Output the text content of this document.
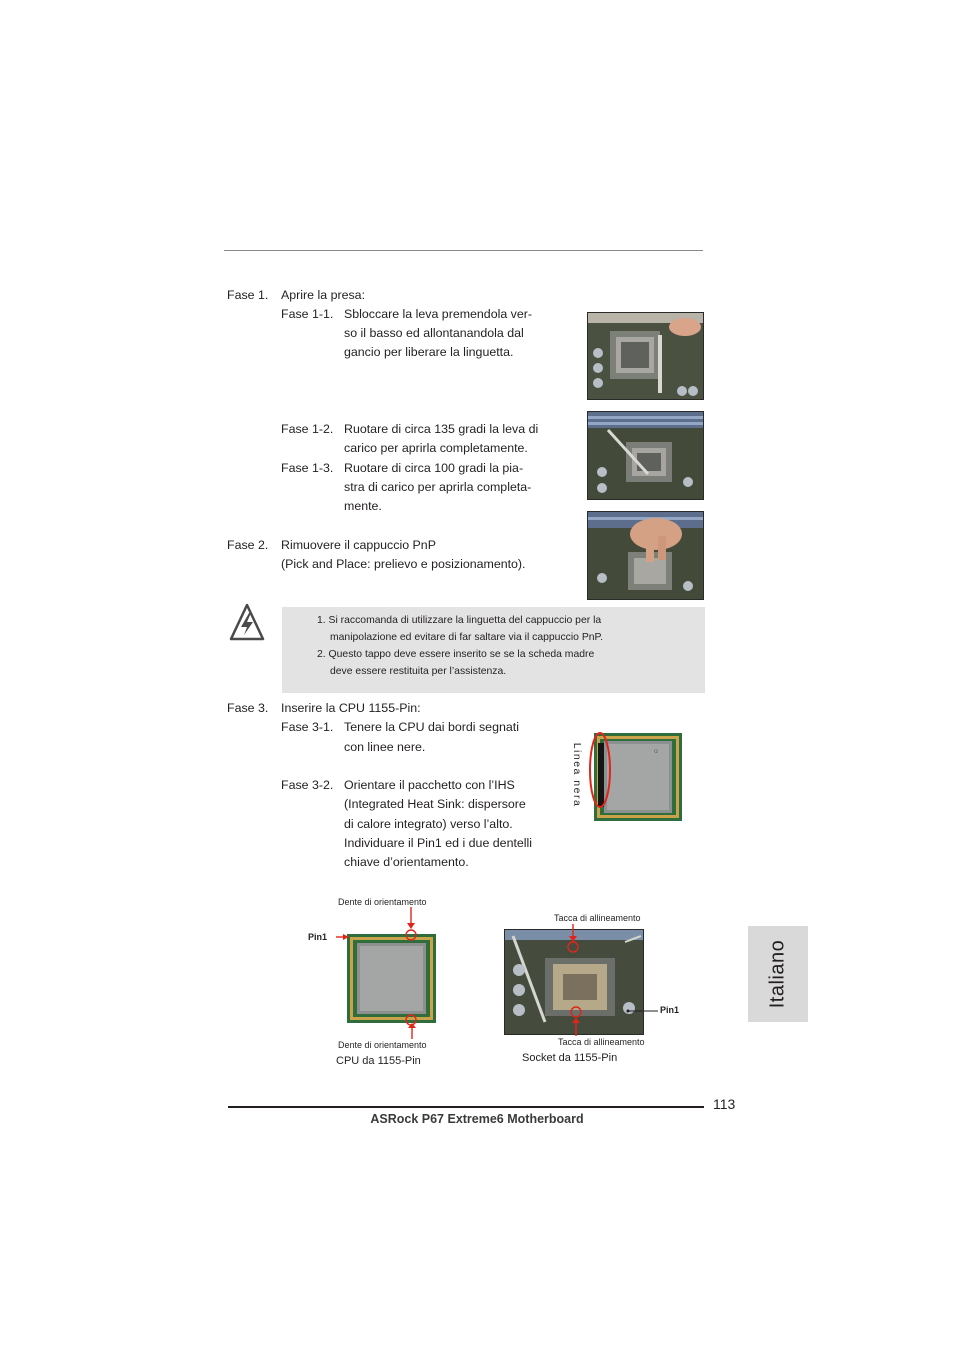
Fase 1. Aprire la presa:
Fase 1-1. Sbloccare la leva premendola ver-
so il basso ed allontanandola dal
gancio per liberare la linguetta.
Fase 1-2. Ruotare di circa 135 gradi la leva di
carico per aprirla completamente.
Fase 1-3. Ruotare di circa 100 gradi la pia-
stra di carico per aprirla completa-
mente.
Fase 2. Rimuovere il cappuccio PnP
(Pick and Place: prelievo e posizionamento).
1. Si raccomanda di utilizzare la linguetta del cappuccio per la
manipolazione ed evitare di far saltare via il cappuccio PnP.
2. Questo tappo deve essere inserito se se la scheda madre
deve essere restituita per l’assistenza.
Fase 3. Inserire la CPU 1155-Pin:
Fase 3-1. Tenere la CPU dai bordi segnati
con linee nere.
Fase 3-2. Orientare il pacchetto con l’IHS
(Integrated Heat Sink: dispersore
di calore integrato) verso l’alto.
Individuare il Pin1 ed i due dentelli
chiave d’orientamento.
Linea nera	ɑ
Dente di orientamento
Pin1
Dente di orientamento
CPU da 1155-Pin
Tacca di allineamento
Pin1
Tacca di allineamento
Socket da 1155-Pin
Italiano
113
ASRock P67 Extreme6 Motherboard
